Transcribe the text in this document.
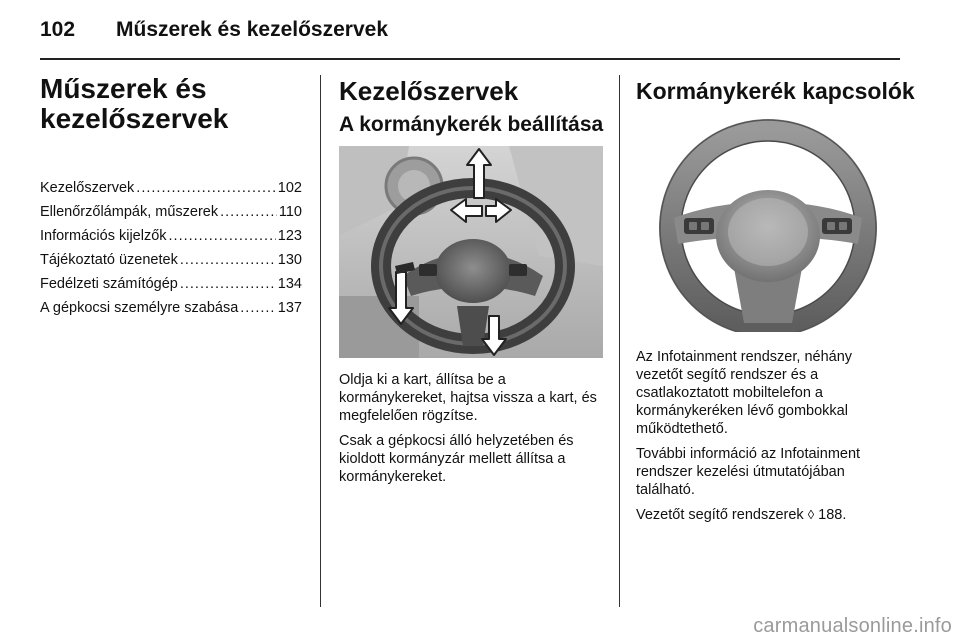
102 Műszerek és kezelőszervek
Műszerek és
kezelőszervek
Kezelőszervek .....	102
Ellenőrzőlámpák, műszerek .....	110
Információs kijelzők .....	123
Tájékoztató üzenetek .....	130
Fedélzeti számítógép .....	134
A gépkocsi személyre szabása .....	137
Kezelőszervek
A kormánykerék beállítása

Oldja ki a kart, állítsa be a kormánykereket, hajtsa vissza a kart, és megfelelően rögzítse.

Csak a gépkocsi álló helyzetében és kioldott kormányzár mellett állítsa a kormánykereket.

Kormánykerék kapcsolók

Az Infotainment rendszer, néhány vezetőt segítő rendszer és a csatlakoztatott mobiltelefon a kormánykeréken lévő gombokkal működtethető.

További információ az Infotainment rendszer kezelési útmutatójában található.

Vezetőt segítő rendszerek ◊ 188.

carmanualsonline.info
